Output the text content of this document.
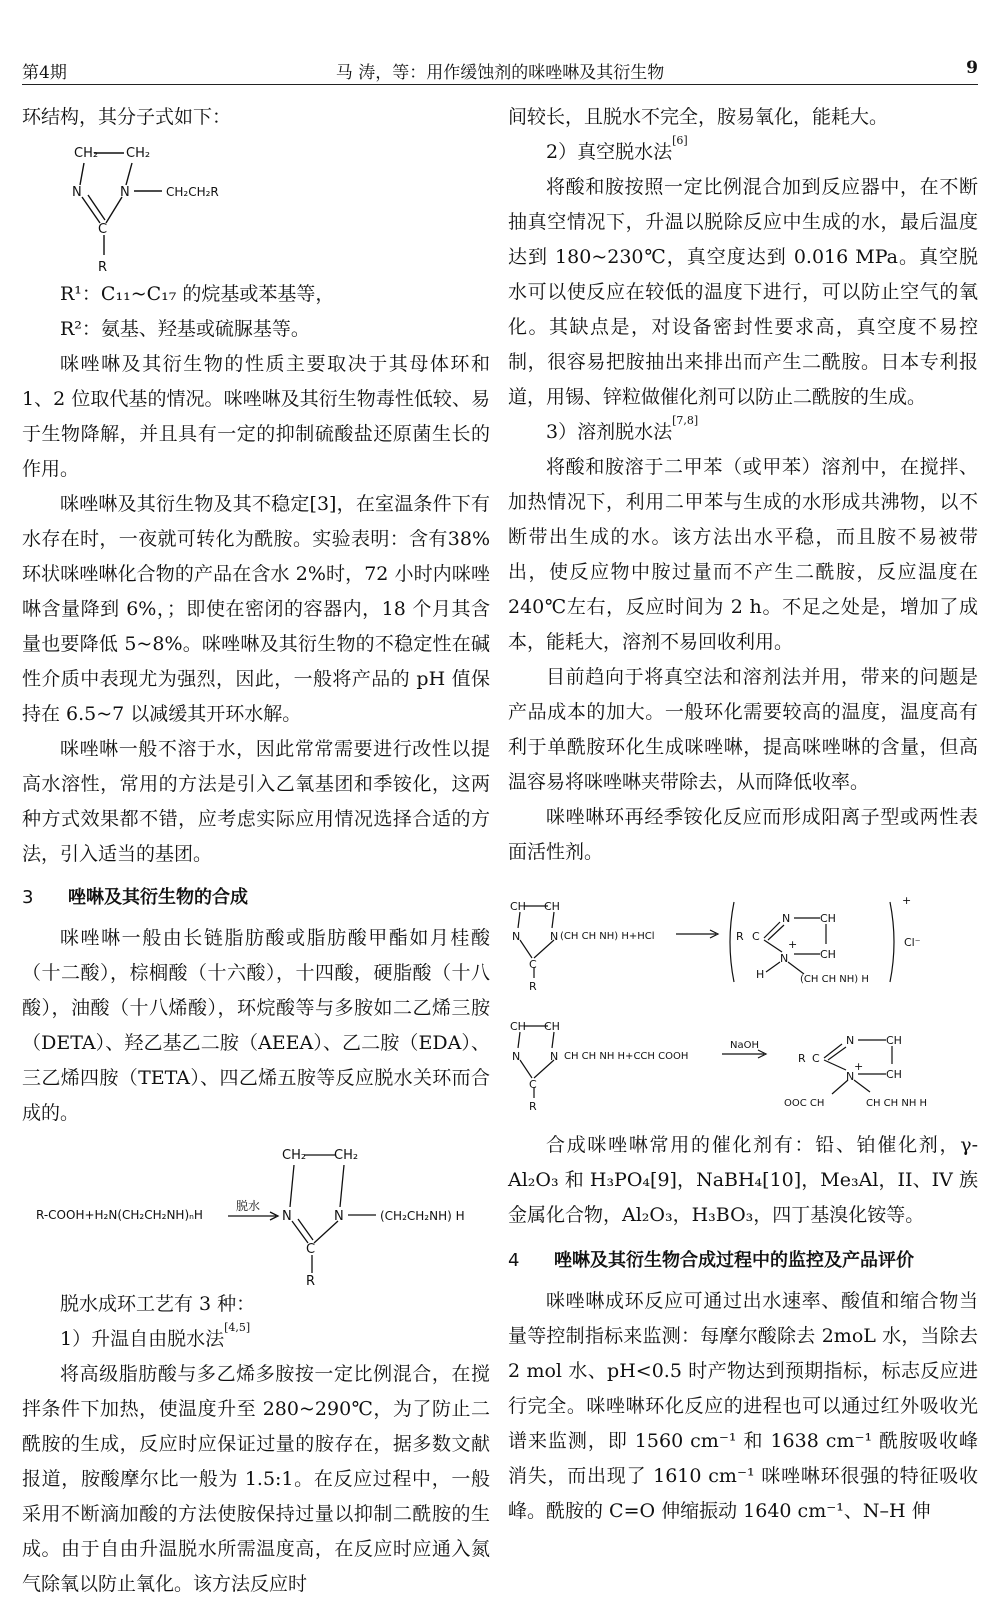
第4期	马 涛，等：用作缓蚀剂的咪唑啉及其衍生物	9

环结构，其分子式如下：

CH₂ CH₂
N	N	CH₂CH₂R
C
R

R¹：C₁₁~C₁₇ 的烷基或苯基等，

R²：氨基、羟基或硫脲基等。

咪唑啉及其衍生物的性质主要取决于其母体环和 1、2 位取代基的情况。咪唑啉及其衍生物毒性低较、易于生物降解，并且具有一定的抑制硫酸盐还原菌生长的作用。

咪唑啉及其衍生物及其不稳定[3]，在室温条件下有水存在时，一夜就可转化为酰胺。实验表明：含有38%环状咪唑啉化合物的产品在含水 2%时，72 小时内咪唑啉含量降到 6%，；即使在密闭的容器内，18 个月其含量也要降低 5~8%。咪唑啉及其衍生物的不稳定性在碱性介质中表现尤为强烈，因此，一般将产品的 pH 值保持在 6.5~7 以减缓其开环水解。

咪唑啉一般不溶于水，因此常常需要进行改性以提高水溶性，常用的方法是引入乙氧基团和季铵化，这两种方式效果都不错，应考虑实际应用情况选择合适的方法，引入适当的基团。

3 唑啉及其衍生物的合成

咪唑啉一般由长链脂肪酸或脂肪酸甲酯如月桂酸（十二酸），棕榈酸（十六酸），十四酸，硬脂酸（十八酸），油酸（十八烯酸），环烷酸等与多胺如二乙烯三胺（DETA）、羟乙基乙二胺（AEEA）、乙二胺（EDA）、三乙烯四胺（TETA）、四乙烯五胺等反应脱水关环而合成的。

R-COOH+H₂N(CH₂CH₂NH)ₙH
脱水
CH₂ CH₂
N	N	(CH₂CH₂NH) H
C
R

脱水成环工艺有 3 种：

1）升温自由脱水法[4,5]

将高级脂肪酸与多乙烯多胺按一定比例混合，在搅拌条件下加热，使温度升至 280~290℃，为了防止二酰胺的生成，反应时应保证过量的胺存在，据多数文献报道，胺酸摩尔比一般为 1.5:1。在反应过程中，一般采用不断滴加酸的方法使胺保持过量以抑制二酰胺的生成。由于自由升温脱水所需温度高，在反应时应通入氮气除氧以防止氧化。该方法反应时

间较长，且脱水不完全，胺易氧化，能耗大。

2）真空脱水法[6]

将酸和胺按照一定比例混合加到反应器中，在不断抽真空情况下，升温以脱除反应中生成的水，最后温度达到 180~230℃，真空度达到 0.016 MPa。真空脱水可以使反应在较低的温度下进行，可以防止空气的氧化。其缺点是，对设备密封性要求高，真空度不易控制，很容易把胺抽出来排出而产生二酰胺。日本专利报道，用锡、锌粒做催化剂可以防止二酰胺的生成。

3）溶剂脱水法[7,8]

将酸和胺溶于二甲苯（或甲苯）溶剂中，在搅拌、加热情况下，利用二甲苯与生成的水形成共沸物，以不断带出生成的水。该方法出水平稳，而且胺不易被带出，使反应物中胺过量而不产生二酰胺，反应温度在 240℃左右，反应时间为 2 h。不足之处是，增加了成本，能耗大，溶剂不易回收利用。

目前趋向于将真空法和溶剂法并用，带来的问题是产品成本的加大。一般环化需要较高的温度，温度高有利于单酰胺环化生成咪唑啉，提高咪唑啉的含量，但高温容易将咪唑啉夹带除去，从而降低收率。

咪唑啉环再经季铵化反应而形成阳离子型或两性表面活性剂。

CH CH
N	N (CH CH NH) H+HCl
C
R
R C
N	CH
N	CH
H	(CH CH NH) H
+
+
Cl⁻
CH CH
N	N CH CH NH H+CCH COOH
NaOH
C
R
R C
N	CH
N	CH
+
OOC CH	CH CH NH H

合成咪唑啉常用的催化剂有：铅、铂催化剂，γ-Al₂O₃ 和 H₃PO₄[9]，NaBH₄[10]，Me₃Al，II、IV 族金属化合物，Al₂O₃，H₃BO₃，四丁基溴化铵等。

4 唑啉及其衍生物合成过程中的监控及产品评价

咪唑啉成环反应可通过出水速率、酸值和缩合物当量等控制指标来监测：每摩尔酸除去 2moL 水，当除去 2 mol 水、pH<0.5 时产物达到预期指标，标志反应进行完全。咪唑啉环化反应的进程也可以通过红外吸收光谱来监测，即 1560 cm⁻¹ 和 1638 cm⁻¹ 酰胺吸收峰消失，而出现了 1610 cm⁻¹ 咪唑啉环很强的特征吸收峰。酰胺的 C=O 伸缩振动 1640 cm⁻¹、N–H 伸
